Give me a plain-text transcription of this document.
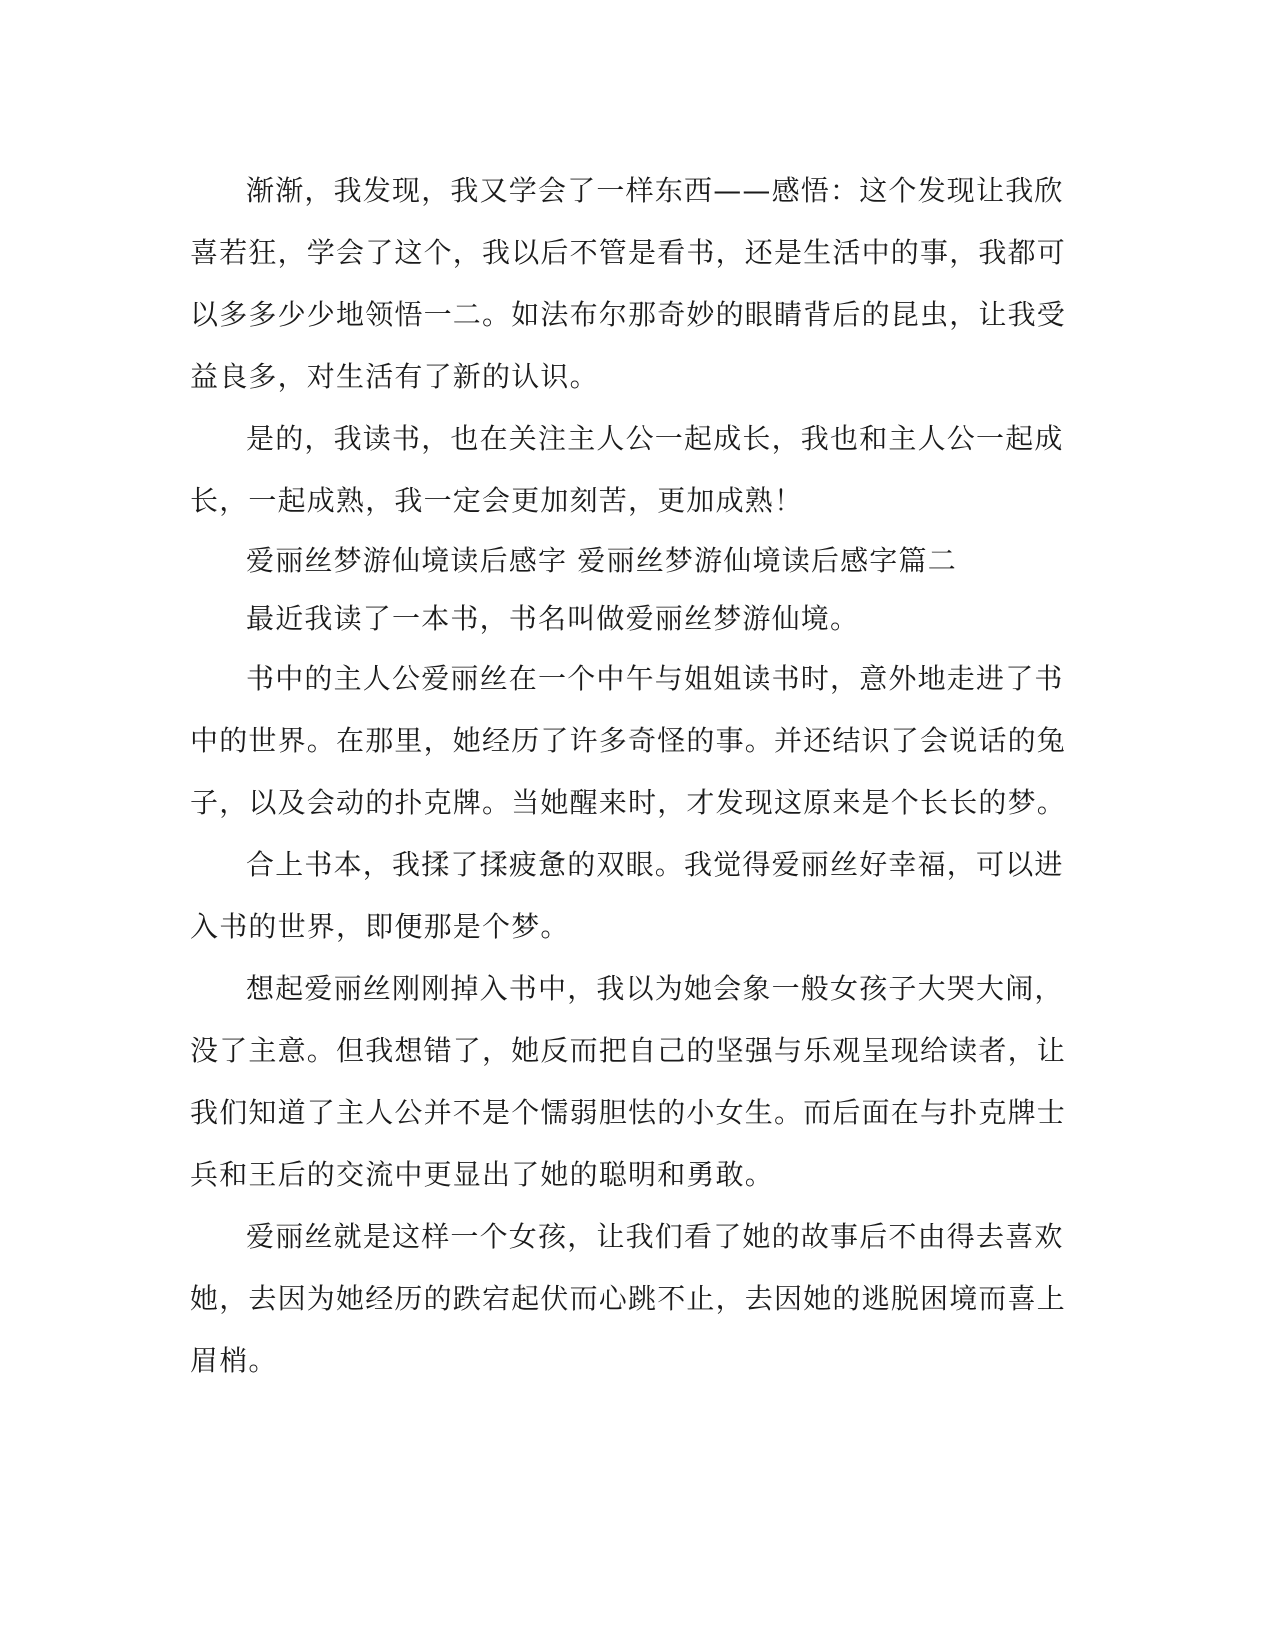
渐渐，我发现，我又学会了一样东西——感悟：这个发现让我欣
喜若狂，学会了这个，我以后不管是看书，还是生活中的事，我都可
以多多少少地领悟一二。如法布尔那奇妙的眼睛背后的昆虫，让我受
益良多，对生活有了新的认识。

是的，我读书，也在关注主人公一起成长，我也和主人公一起成
长，一起成熟，我一定会更加刻苦，更加成熟！

爱丽丝梦游仙境读后感字 爱丽丝梦游仙境读后感字篇二

最近我读了一本书，书名叫做爱丽丝梦游仙境。

书中的主人公爱丽丝在一个中午与姐姐读书时，意外地走进了书
中的世界。在那里，她经历了许多奇怪的事。并还结识了会说话的兔
子，以及会动的扑克牌。当她醒来时，才发现这原来是个长长的梦。

合上书本，我揉了揉疲惫的双眼。我觉得爱丽丝好幸福，可以进
入书的世界，即便那是个梦。

想起爱丽丝刚刚掉入书中，我以为她会象一般女孩子大哭大闹，
没了主意。但我想错了，她反而把自己的坚强与乐观呈现给读者，让
我们知道了主人公并不是个懦弱胆怯的小女生。而后面在与扑克牌士
兵和王后的交流中更显出了她的聪明和勇敢。

爱丽丝就是这样一个女孩，让我们看了她的故事后不由得去喜欢
她，去因为她经历的跌宕起伏而心跳不止，去因她的逃脱困境而喜上
眉梢。
